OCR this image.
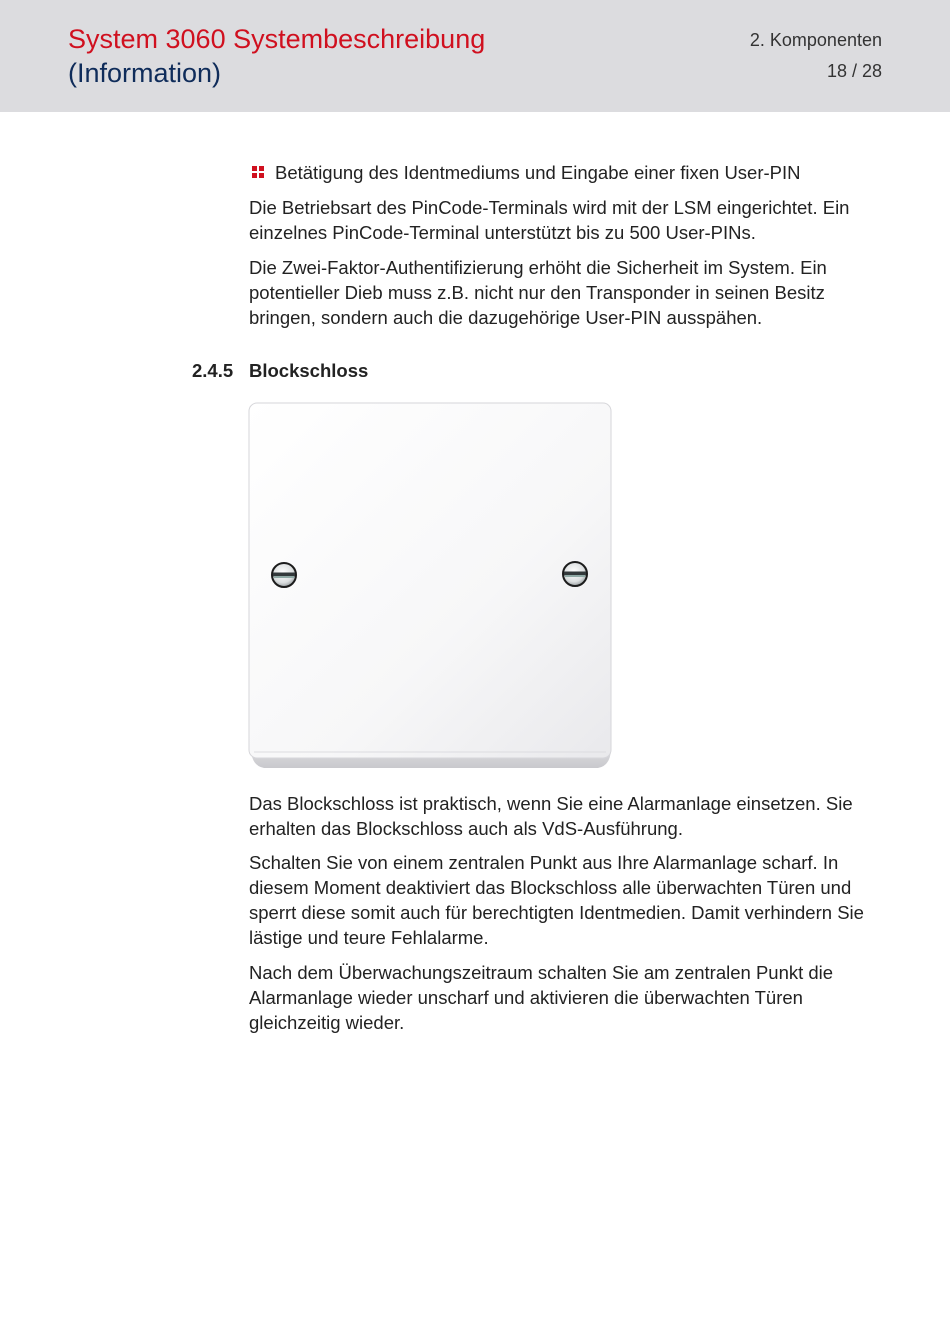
System 3060 Systembeschreibung
(Information)
2. Komponenten
18 / 28
Betätigung des Identmediums und Eingabe einer fixen User-PIN

Die Betriebsart des PinCode-Terminals wird mit der LSM eingerichtet. Ein einzelnes PinCode-Terminal unterstützt bis zu 500 User-PINs.

Die Zwei-Faktor-Authentifizierung erhöht die Sicherheit im System. Ein potentieller Dieb muss z.B. nicht nur den Transponder in seinen Besitz bringen, sondern auch die dazugehörige User-PIN ausspähen.

2.4.5 Blockschloss

Das Blockschloss ist praktisch, wenn Sie eine Alarmanlage einsetzen. Sie erhalten das Blockschloss auch als VdS-Ausführung.

Schalten Sie von einem zentralen Punkt aus Ihre Alarmanlage scharf. In diesem Moment deaktiviert das Blockschloss alle überwachten Türen und sperrt diese somit auch für berechtigten Identmedien. Damit verhindern Sie lästige und teure Fehlalarme.

Nach dem Überwachungszeitraum schalten Sie am zentralen Punkt die Alarmanlage wieder unscharf und aktivieren die überwachten Türen gleichzeitig wieder.
